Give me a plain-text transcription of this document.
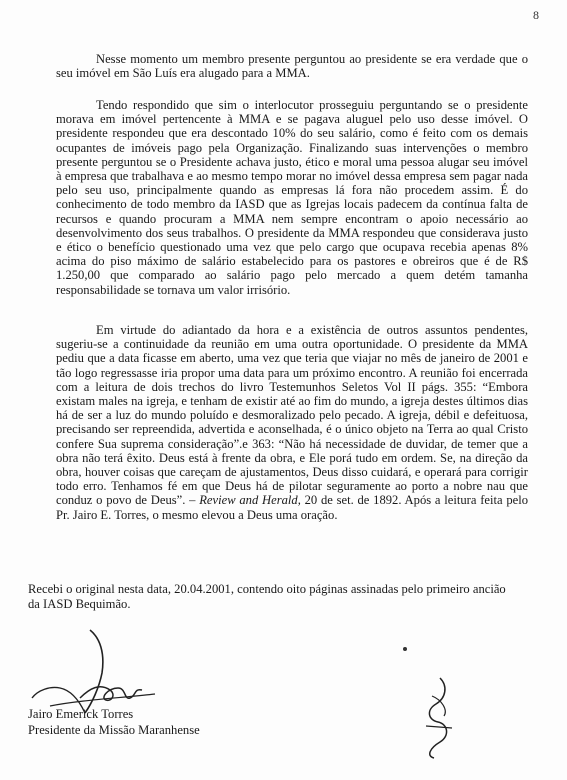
8

Nesse momento um membro presente perguntou ao presidente se era verdade que o seu imóvel em São Luís era alugado para a MMA.

Tendo respondido que sim o interlocutor prosseguiu perguntando se o presidente morava em imóvel pertencente à MMA e se pagava aluguel pelo uso desse imóvel. O presidente respondeu que era descontado 10% do seu salário, como é feito com os demais ocupantes de imóveis pago pela Organização. Finalizando suas intervenções o membro presente perguntou se o Presidente achava justo, ético e moral uma pessoa alugar seu imóvel à empresa que trabalhava e ao mesmo tempo morar no imóvel dessa empresa sem pagar nada pelo seu uso, principalmente quando as empresas lá fora não procedem assim. É do conhecimento de todo membro da IASD que as Igrejas locais padecem da contínua falta de recursos e quando procuram a MMA nem sempre encontram o apoio necessário ao desenvolvimento dos seus trabalhos. O presidente da MMA respondeu que considerava justo e ético o benefício questionado uma vez que pelo cargo que ocupava recebia apenas 8% acima do piso máximo de salário estabelecido para os pastores e obreiros que é de R$ 1.250,00 que comparado ao salário pago pelo mercado a quem detém tamanha responsabilidade se tornava um valor irrisório.

Em virtude do adiantado da hora e a existência de outros assuntos pendentes, sugeriu-se a continuidade da reunião em uma outra oportunidade. O presidente da MMA pediu que a data ficasse em aberto, uma vez que teria que viajar no mês de janeiro de 2001 e tão logo regressasse iria propor uma data para um próximo encontro. A reunião foi encerrada com a leitura de dois trechos do livro Testemunhos Seletos Vol II págs. 355: “Embora existam males na igreja, e tenham de existir até ao fim do mundo, a igreja destes últimos dias há de ser a luz do mundo poluído e desmoralizado pelo pecado. A igreja, débil e defeituosa, precisando ser repreendida, advertida e aconselhada, é o único objeto na Terra ao qual Cristo confere Sua suprema consideração”.e 363: “Não há necessidade de duvidar, de temer que a obra não terá êxito. Deus está à frente da obra, e Ele porá tudo em ordem. Se, na direção da obra, houver coisas que careçam de ajustamentos, Deus disso cuidará, e operará para corrigir todo erro. Tenhamos fé em que Deus há de pilotar seguramente ao porto a nobre nau que conduz o povo de Deus”. – Review and Herald, 20 de set. de 1892. Após a leitura feita pelo Pr. Jairo E. Torres, o mesmo elevou a Deus uma oração.

Recebi o original nesta data, 20.04.2001, contendo oito páginas assinadas pelo primeiro ancião da IASD Bequimão.

Jairo Emerick Torres
Presidente da Missão Maranhense
